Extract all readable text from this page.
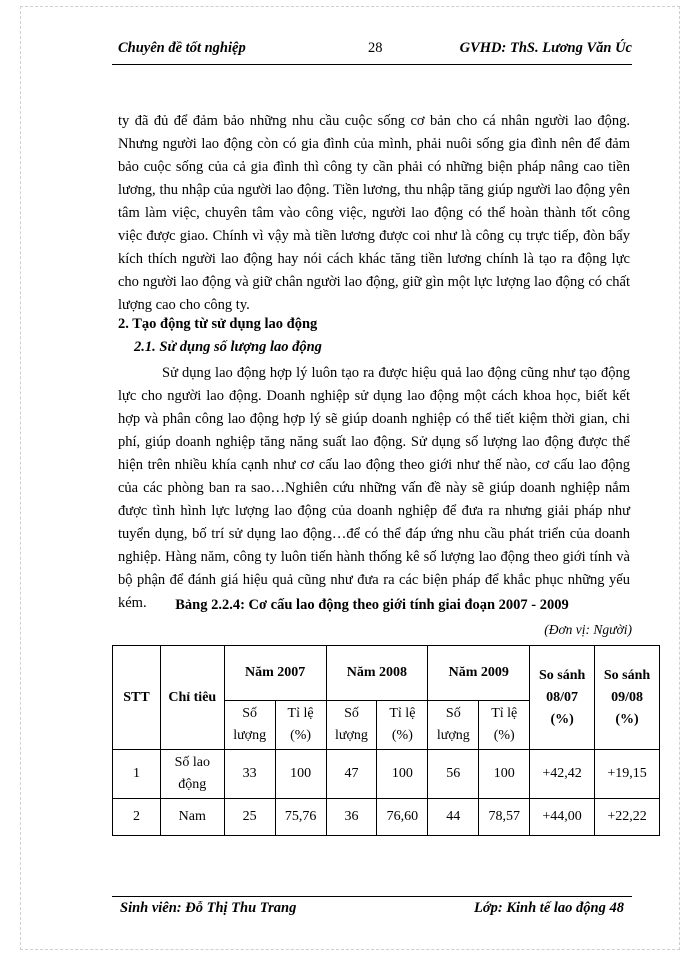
Chuyên đề tốt nghiệp	28	GVHD: ThS. Lương Văn Úc
ty đã đủ để đảm bảo những nhu cầu cuộc sống cơ bản cho cá nhân người lao động. Nhưng người lao động còn có gia đình của mình, phải nuôi sống gia đình nên để đảm bảo cuộc sống của cả gia đình thì công ty cần phải có những biện pháp nâng cao tiền lương, thu nhập của người lao động. Tiền lương, thu nhập tăng giúp người lao động yên tâm làm việc, chuyên tâm vào công việc, người lao động có thể hoàn thành tốt công việc được giao. Chính vì vậy mà tiền lương được coi như là công cụ trực tiếp, đòn bẩy kích thích người lao động hay nói cách khác tăng tiền lương chính là tạo ra động lực cho người lao động và giữ chân người lao động, giữ gìn một lực lượng lao động có chất lượng cao cho công ty.
2. Tạo động từ sử dụng lao động
2.1. Sử dụng số lượng lao động
Sử dụng lao động hợp lý luôn tạo ra được hiệu quả lao động cũng như tạo động lực cho người lao động. Doanh nghiệp sử dụng lao động một cách khoa học, biết kết hợp và phân công lao động hợp lý sẽ giúp doanh nghiệp có thể tiết kiệm thời gian, chi phí, giúp doanh nghiệp tăng năng suất lao động. Sử dụng số lượng lao động được thể hiện trên nhiều khía cạnh như cơ cấu lao động theo giới như thế nào, cơ cấu lao động của các phòng ban ra sao…Nghiên cứu những vấn đề này sẽ giúp doanh nghiệp nắm được tình hình lực lượng lao động của doanh nghiệp để đưa ra nhưng giải pháp như tuyển dụng, bố trí sử dụng lao động…để có thể đáp ứng nhu cầu phát triển của doanh nghiệp. Hàng năm, công ty luôn tiến hành thống kê số lượng lao động theo giới tính và bộ phận để đánh giá hiệu quả cũng như đưa ra các biện pháp để khắc phục những yếu kém.	Bảng 2.2.4: Cơ cấu lao động theo giới tính giai đoạn 2007 - 2009
(Đơn vị: Người)
STT	Chỉ tiêu	Năm 2007		Năm 2008		Năm 2009		So sánh 08/07 (%)	So sánh 09/08 (%)
		Số lượng	Tỉ lệ (%)	Số lượng	Tỉ lệ (%)	Số lượng	Tỉ lệ (%)		
1	Số lao động	33	100	47	100	56	100	+42,42	+19,15
2	Nam	25	75,76	36	76,60	44	78,57	+44,00	+22,22
Sinh viên: Đỗ Thị Thu Trang	Lớp: Kinh tế lao động 48
